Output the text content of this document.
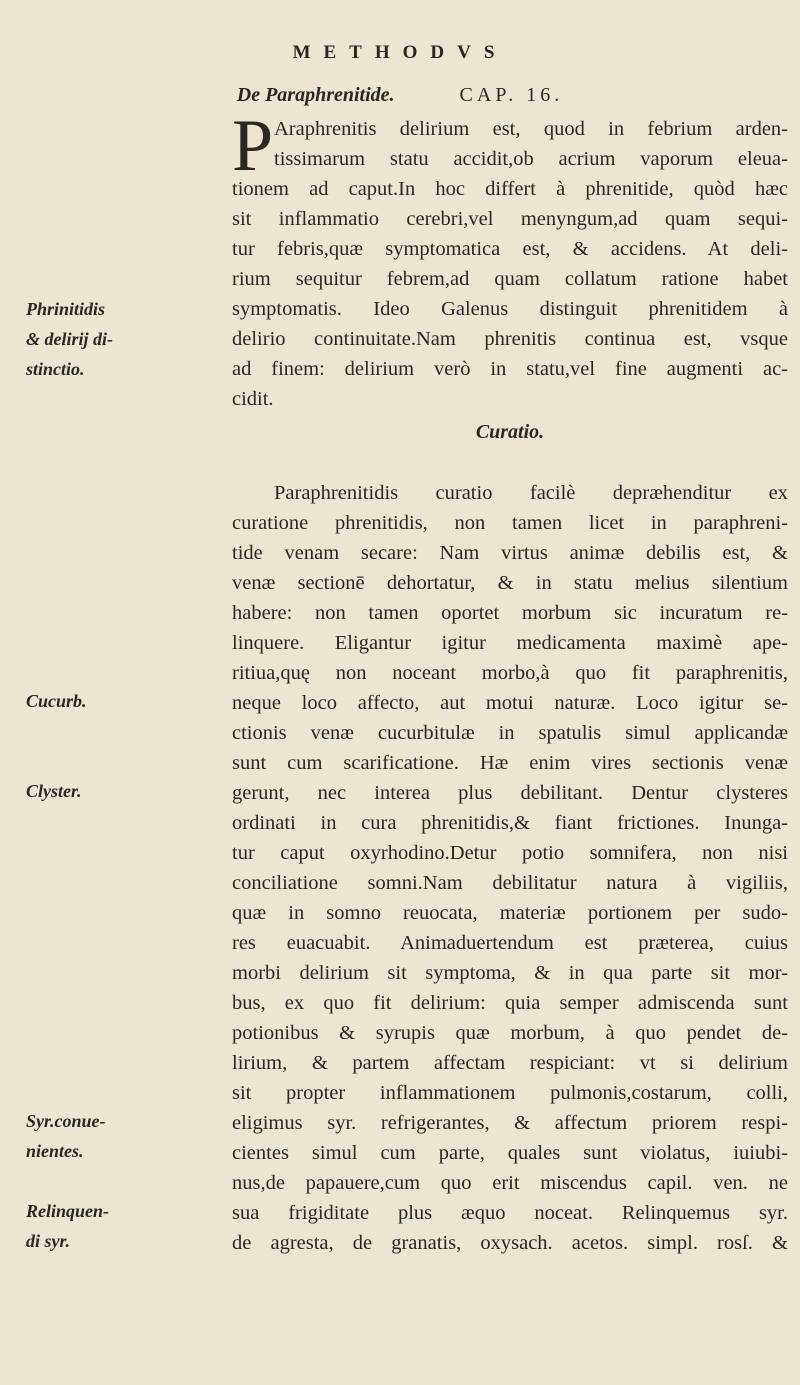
METHODVS
De Paraphrenitide.	CAP. 16.
P Araphrenitis delirium est, quod in febrium arden-
tissimarum statu accidit,ob acrium vaporum eleua-
tionem ad caput.In hoc differt à phrenitide, quòd hæc
sit inflammatio cerebri,vel menyngum,ad quam sequi-
tur febris,quæ symptomatica est, & accidens. At deli-
rium sequitur febrem,ad quam collatum ratione habet
symptomatis. Ideo Galenus distinguit phrenitidem à
delirio continuitate.Nam phrenitis continua est, vsque
ad finem: delirium verò in statu,vel fine augmenti ac-
cidit.
Curatio.
Paraphrenitidis curatio facilè depræhenditur ex
curatione phrenitidis, non tamen licet in paraphreni-
tide venam secare: Nam virtus animæ debilis est, &
venæ sectionē dehortatur, & in statu melius silentium
habere: non tamen oportet morbum sic incuratum re-
linquere. Eligantur igitur medicamenta maximè ape-
ritiua,quę non noceant morbo,à quo fit paraphrenitis,
neque loco affecto, aut motui naturæ. Loco igitur se-
ctionis venæ cucurbitulæ in spatulis simul applicandæ
sunt cum scarificatione. Hæ enim vires sectionis venæ
gerunt, nec interea plus debilitant. Dentur clysteres
ordinati in cura phrenitidis,& fiant frictiones. Inunga-
tur caput oxyrhodino.Detur potio somnifera, non nisi
conciliatione somni.Nam debilitatur natura à vigiliis,
quæ in somno reuocata, materiæ portionem per sudo-
res euacuabit. Animaduertendum est præterea, cuius
morbi delirium sit symptoma, & in qua parte sit mor-
bus, ex quo fit delirium: quia semper admiscenda sunt
potionibus & syrupis quæ morbum, à quo pendet de-
lirium, & partem affectam respiciant: vt si delirium
sit propter inflammationem pulmonis,costarum, colli,
eligimus syr. refrigerantes, & affectum priorem respi-
cientes simul cum parte, quales sunt violatus, iuiubi-
nus,de papauere,cum quo erit miscendus capil. ven. ne
sua frigiditate plus æquo noceat. Relinquemus syr.
de agresta, de granatis, oxysach. acetos. simpl. rosſ. &
Phrinitidis
& delirij di-
stinctio.
Cucurb.
Clyster.
Syr.conue-
nientes.
Relinquen-
di syr.
